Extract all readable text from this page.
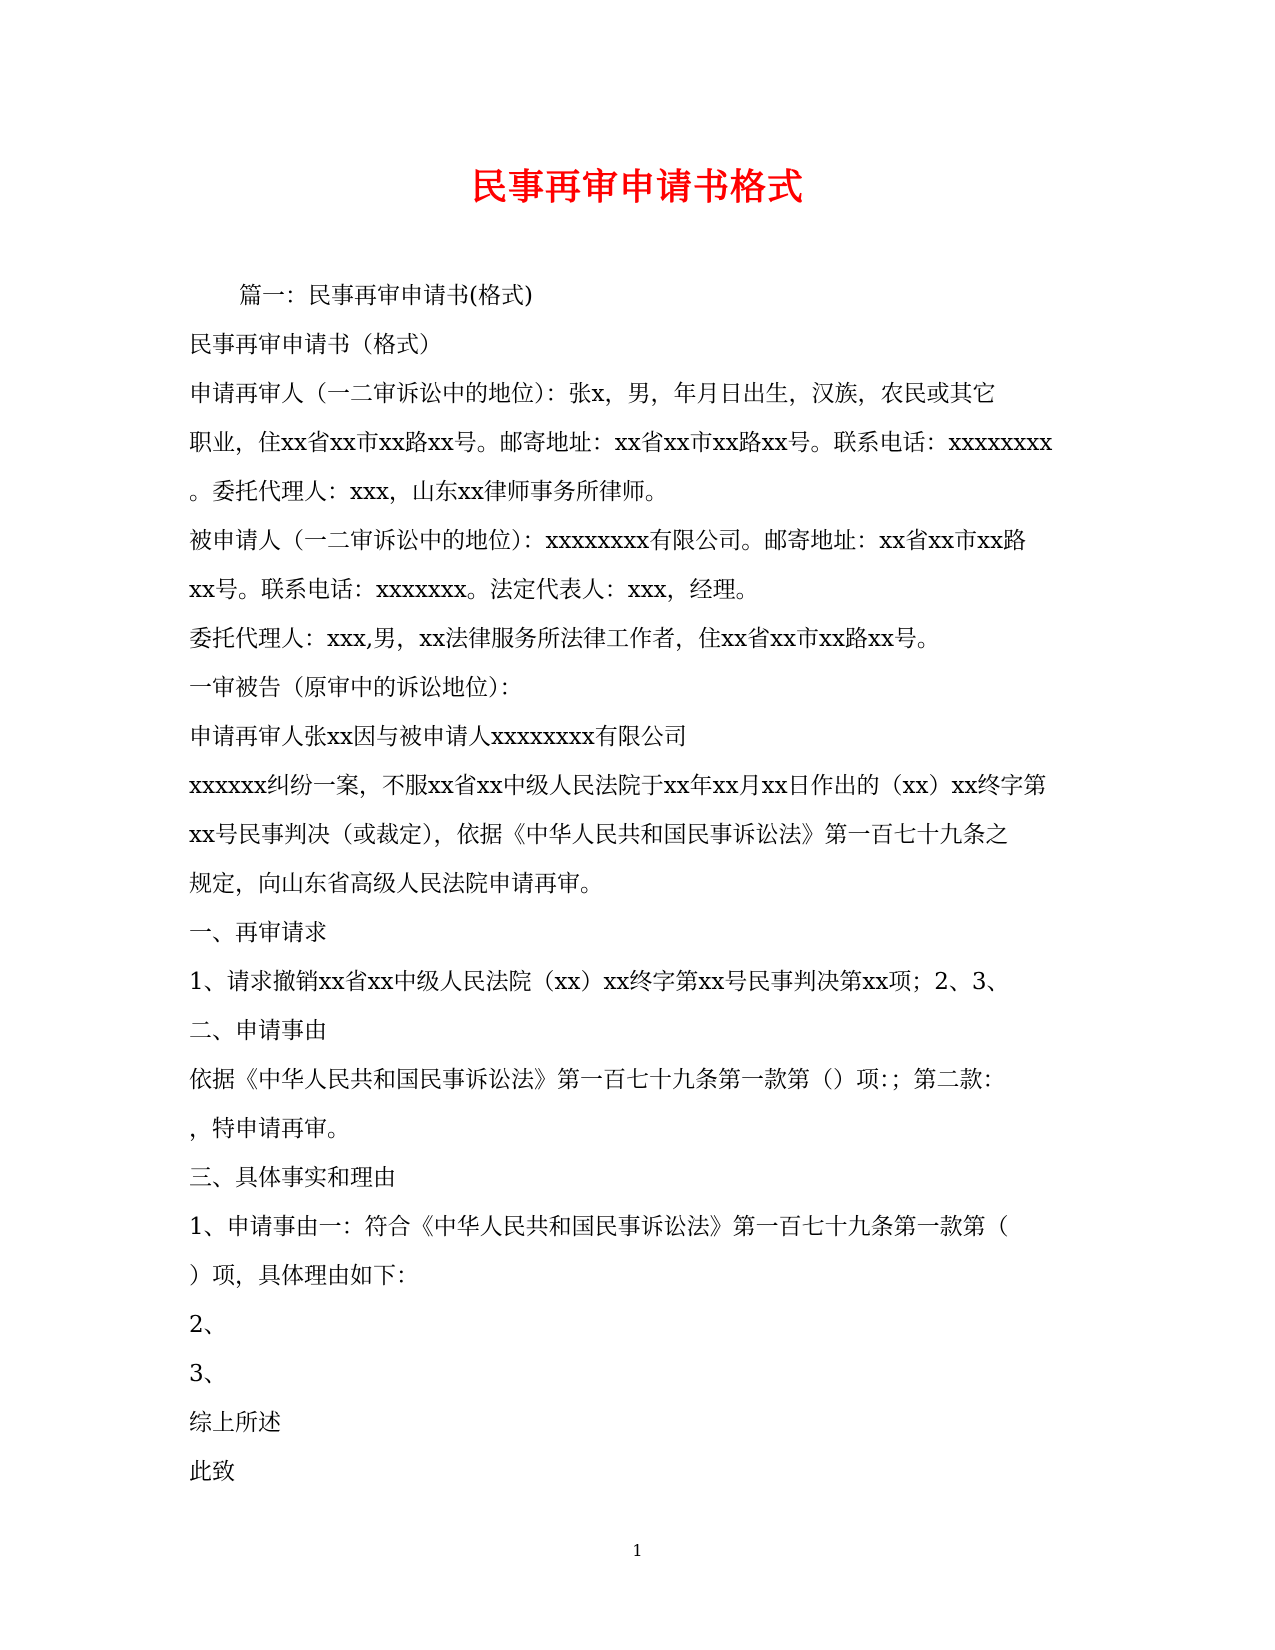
民事再审申请书格式

篇一：民事再审申请书(格式)

民事再审申请书（格式）

申请再审人（一二审诉讼中的地位）：张x，男，年月日出生，汉族，农民或其它

职业，住xx省xx市xx路xx号。邮寄地址：xx省xx市xx路xx号。联系电话：xxxxxxxx

。委托代理人：xxx，山东xx律师事务所律师。

被申请人（一二审诉讼中的地位）：xxxxxxxx有限公司。邮寄地址：xx省xx市xx路

xx号。联系电话：xxxxxxx。法定代表人：xxx，经理。

委托代理人：xxx,男，xx法律服务所法律工作者，住xx省xx市xx路xx号。

一审被告（原审中的诉讼地位）：

申请再审人张xx因与被申请人xxxxxxxx有限公司

xxxxxx纠纷一案，不服xx省xx中级人民法院于xx年xx月xx日作出的（xx）xx终字第

xx号民事判决（或裁定），依据《中华人民共和国民事诉讼法》第一百七十九条之

规定，向山东省高级人民法院申请再审。

一、再审请求

1、请求撤销xx省xx中级人民法院（xx）xx终字第xx号民事判决第xx项；2、3、

二、申请事由

依据《中华人民共和国民事诉讼法》第一百七十九条第一款第（）项：；第二款：

，特申请再审。

三、具体事实和理由

1、申请事由一：符合《中华人民共和国民事诉讼法》第一百七十九条第一款第（

）项，具体理由如下：

2、

3、

综上所述

此致

1
